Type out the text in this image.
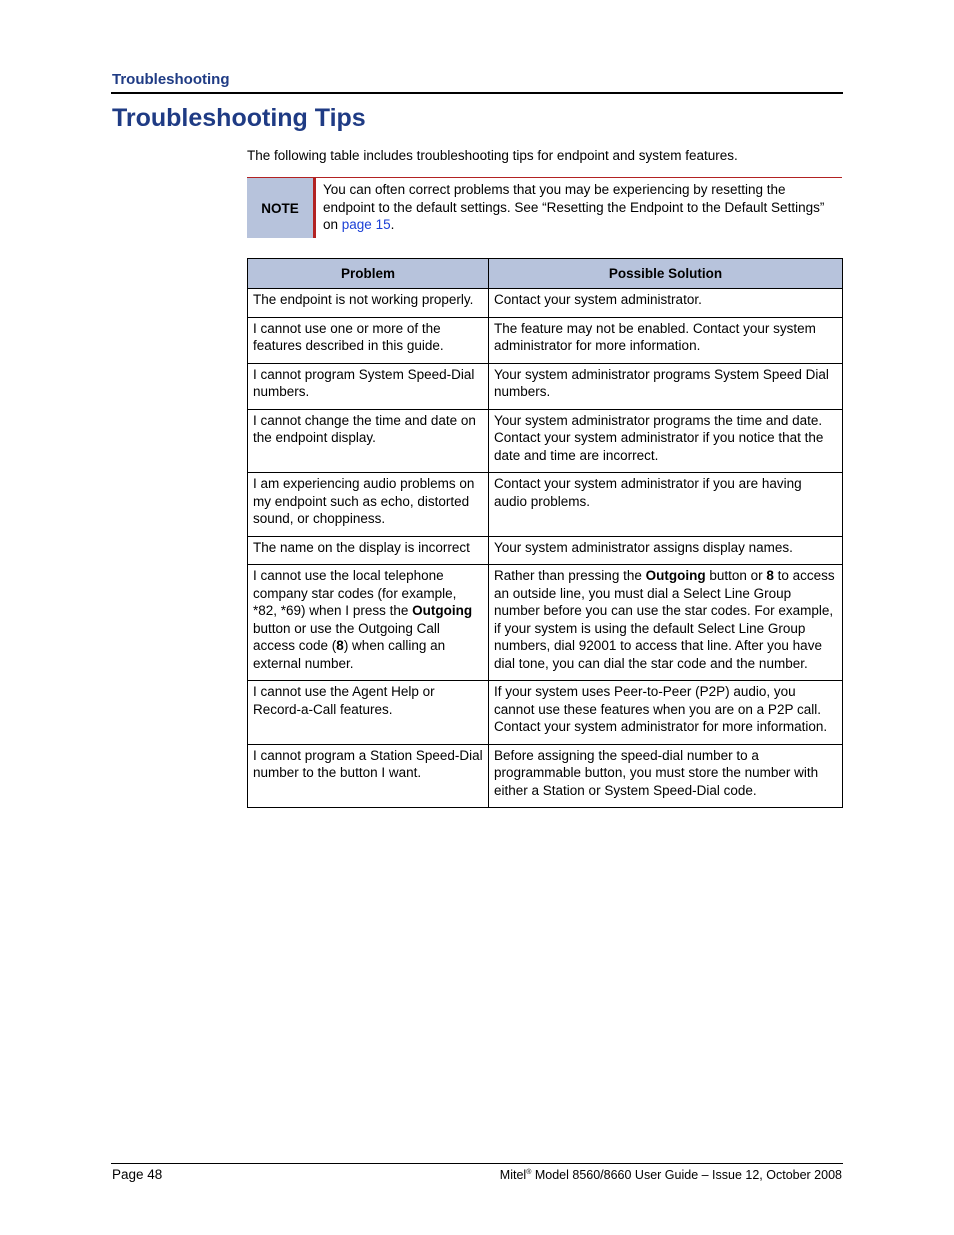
Troubleshooting
Troubleshooting Tips

The following table includes troubleshooting tips for endpoint and system features.

NOTE
You can often correct problems that you may be experiencing by resetting the endpoint to the default settings. See “Resetting the Endpoint to the Default Settings” on page 15.
Problem	Possible Solution
The endpoint is not working properly.	Contact your system administrator.
I cannot use one or more of the features described in this guide.	The feature may not be enabled. Contact your system administrator for more information.
I cannot program System Speed-Dial numbers.	Your system administrator programs System Speed Dial numbers.
I cannot change the time and date on the endpoint display.	Your system administrator programs the time and date. Contact your system administrator if you notice that the date and time are incorrect.
I am experiencing audio problems on my endpoint such as echo, distorted sound, or choppiness.	Contact your system administrator if you are having audio problems.
The name on the display is incorrect	Your system administrator assigns display names.
I cannot use the local telephone company star codes (for example, *82, *69) when I press the Outgoing button or use the Outgoing Call access code (8) when calling an external number.	Rather than pressing the Outgoing button or 8 to access an outside line, you must dial a Select Line Group number before you can use the star codes. For example, if your system is using the default Select Line Group numbers, dial 92001 to access that line. After you have dial tone, you can dial the star code and the number.
I cannot use the Agent Help or Record-a-Call features.	If your system uses Peer-to-Peer (P2P) audio, you cannot use these features when you are on a P2P call. Contact your system administrator for more information.
I cannot program a Station Speed-Dial number to the button I want.	Before assigning the speed-dial number to a programmable button, you must store the number with either a Station or System Speed-Dial code.
Page 48	Mitel® Model 8560/8660 User Guide – Issue 12, October 2008
